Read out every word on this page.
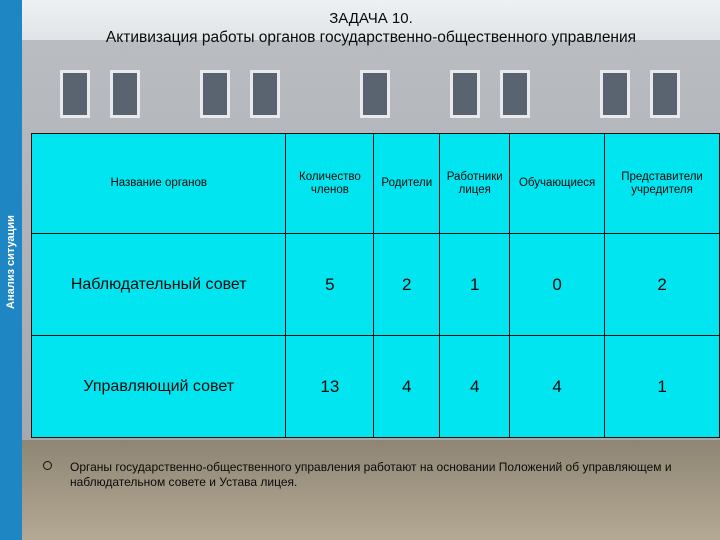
Анализ ситуации
ЗАДАЧА 10.
Активизация работы органов государственно-общественного управления
Название органов	Количество членов	Родители	Работники лицея	Обучающиеся	Представители учредителя
Наблюдательный совет	5	2	1	0	2
Управляющий совет	13	4	4	4	1
Органы государственно-общественного управления работают на основании Положений об управляющем и наблюдательном совете и Устава лицея.
